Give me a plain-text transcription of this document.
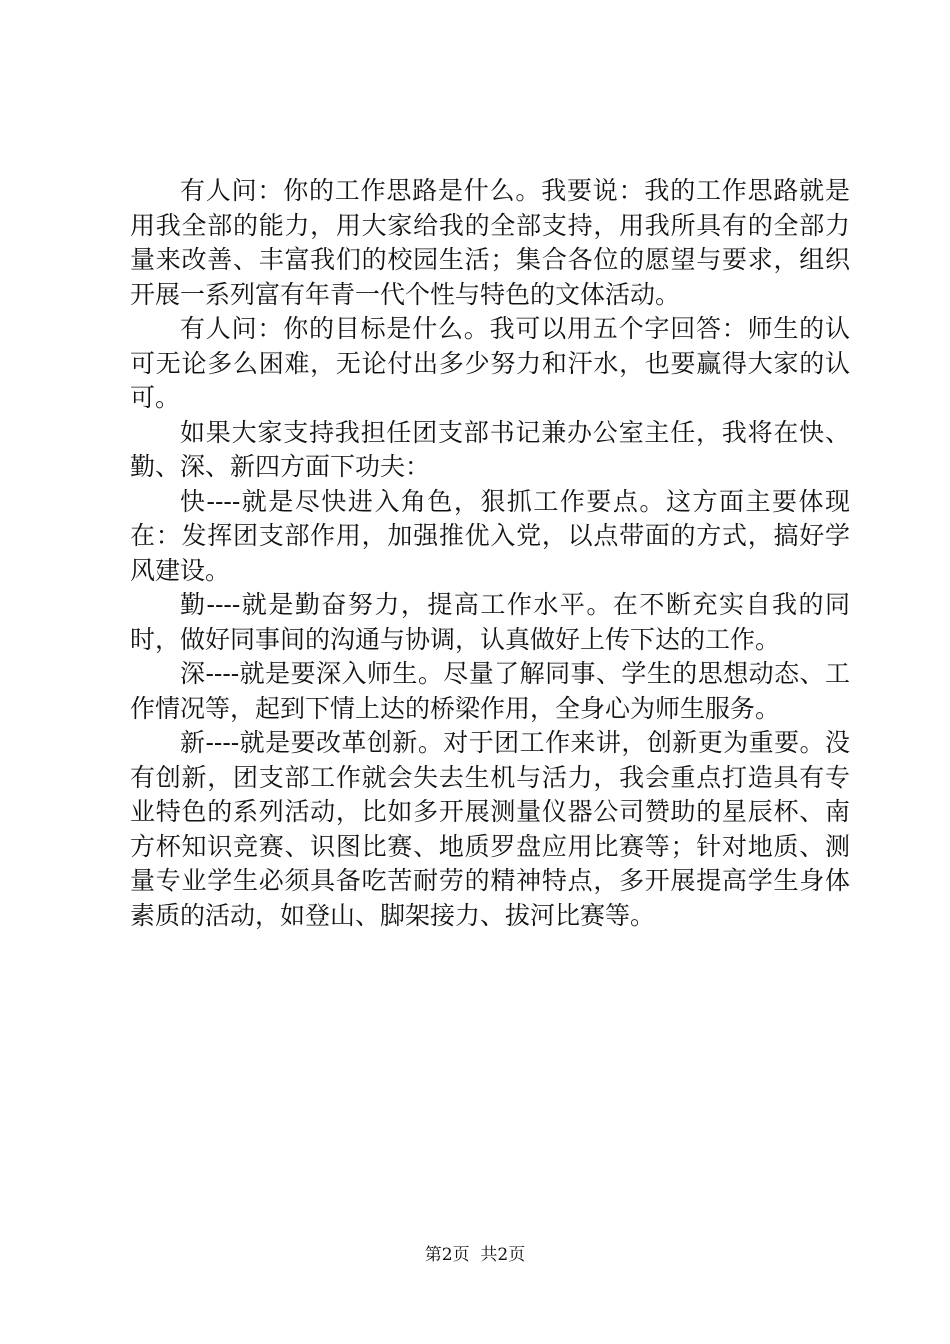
有人问：你的工作思路是什么。我要说：我的工作思路就是用我全部的能力，用大家给我的全部支持，用我所具有的全部力量来改善、丰富我们的校园生活；集合各位的愿望与要求，组织开展一系列富有年青一代个性与特色的文体活动。

有人问：你的目标是什么。我可以用五个字回答：师生的认可无论多么困难，无论付出多少努力和汗水，也要赢得大家的认可。

如果大家支持我担任团支部书记兼办公室主任，我将在快、勤、深、新四方面下功夫：

快----就是尽快进入角色，狠抓工作要点。这方面主要体现在：发挥团支部作用，加强推优入党，以点带面的方式，搞好学风建设。

勤----就是勤奋努力，提高工作水平。在不断充实自我的同时，做好同事间的沟通与协调，认真做好上传下达的工作。

深----就是要深入师生。尽量了解同事、学生的思想动态、工作情况等，起到下情上达的桥梁作用，全身心为师生服务。

新----就是要改革创新。对于团工作来讲，创新更为重要。没有创新，团支部工作就会失去生机与活力，我会重点打造具有专业特色的系列活动，比如多开展测量仪器公司赞助的星辰杯、南方杯知识竞赛、识图比赛、地质罗盘应用比赛等；针对地质、测量专业学生必须具备吃苦耐劳的精神特点，多开展提高学生身体素质的活动，如登山、脚架接力、拔河比赛等。

第2页  共2页
